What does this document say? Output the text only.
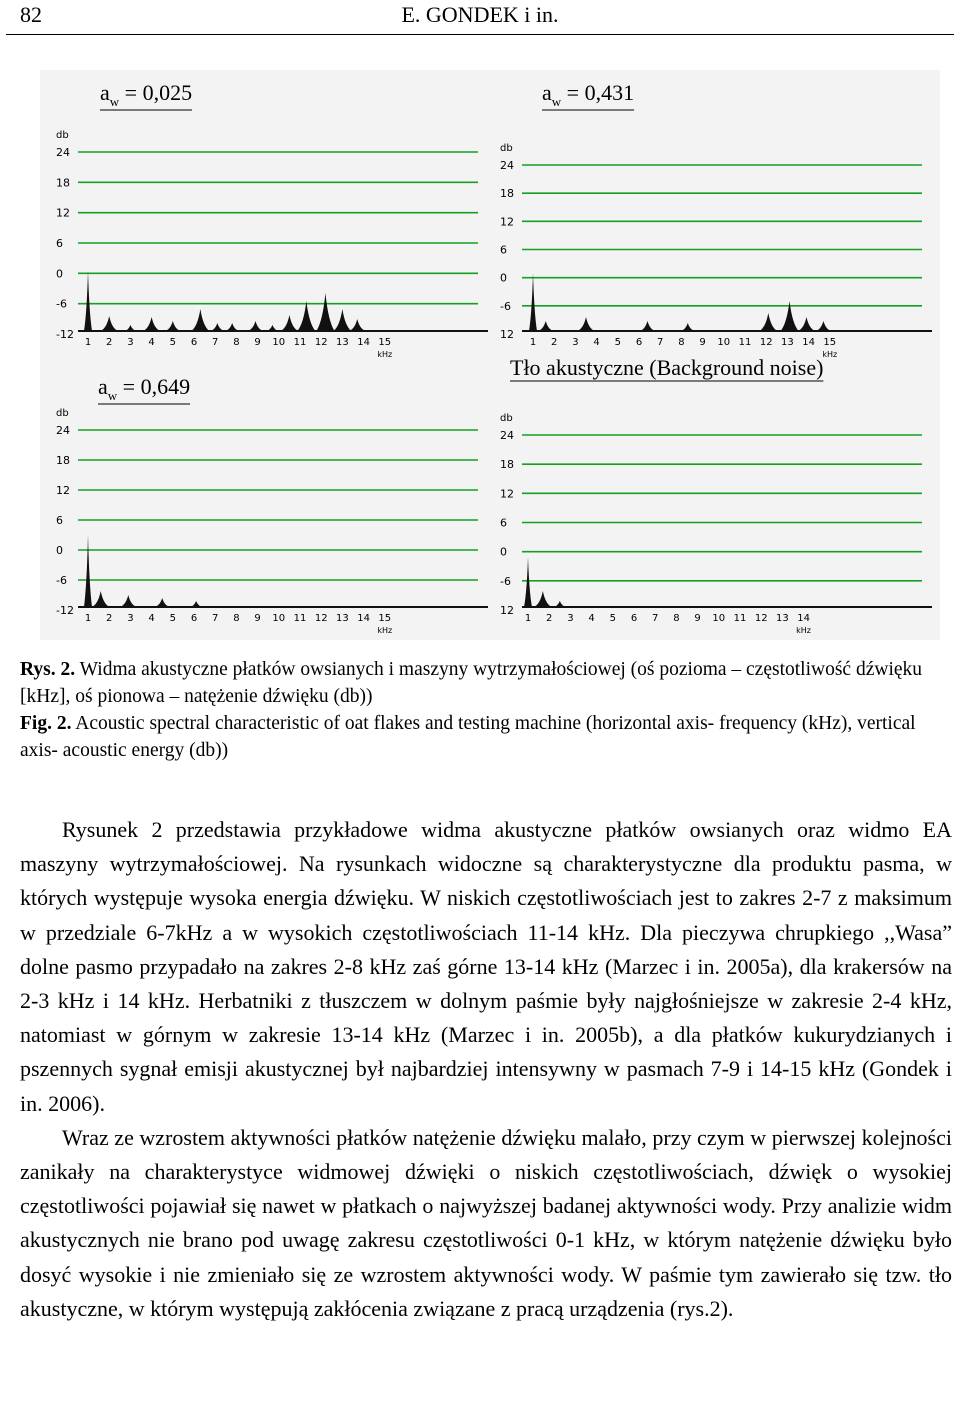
82	E. GONDEK i in.
db
24
18
12
6
0
-6
-12
1 2 3 4 5 6 7 8 9 10 11 12 13 14 15
kHz
$a_w = 0,025$
db
24
18
12
6
0
-6
12
1 2 3 4 5 6 7 8 9 10 11 12 13 14 15
kHz
$a_w = 0,431$
db
24
18
12
6
0
-6
-12
1 2 3 4 5 6 7 8 9 10 11 12 13 14 15
kHz
$a_w = 0,649$
db
24
18
12
6
0
-6
12
1 2 3 4 5 6 7 8 9 10 11 12 13 14
kHz
Tło akustyczne (Background noise)
Rys. 2. Widma akustyczne płatków owsianych i maszyny wytrzymałościowej (oś pozioma – częstotliwość dźwięku [kHz], oś pionowa – natężenie dźwięku (db))
Fig. 2. Acoustic spectral characteristic of oat flakes and testing machine (horizontal axis- frequency (kHz), vertical axis- acoustic energy (db))

Rysunek 2 przedstawia przykładowe widma akustyczne płatków owsianych oraz widmo EA maszyny wytrzymałościowej. Na rysunkach widoczne są charakterystyczne dla produktu pasma, w których występuje wysoka energia dźwięku. W niskich częstotliwościach jest to zakres 2-7 z maksimum w przedziale 6-7kHz a w wysokich częstotliwościach 11-14 kHz. Dla pieczywa chrupkiego ,,Wasa” dolne pasmo przypadało na zakres 2-8 kHz zaś górne 13-14 kHz (Marzec i in. 2005a), dla krakersów na 2-3 kHz i 14 kHz. Herbatniki z tłuszczem w dolnym paśmie były najgłośniejsze w zakresie 2-4 kHz, natomiast w górnym w zakresie 13-14 kHz (Marzec i in. 2005b), a dla płatków kukurydzianych i pszennych sygnał emisji akustycznej był najbardziej intensywny w pasmach 7-9 i 14-15 kHz (Gondek i in. 2006).

Wraz ze wzrostem aktywności płatków natężenie dźwięku malało, przy czym w pierwszej kolejności zanikały na charakterystyce widmowej dźwięki o niskich częstotliwościach, dźwięk o wysokiej częstotliwości pojawiał się nawet w płatkach o najwyższej badanej aktywności wody. Przy analizie widm akustycznych nie brano pod uwagę zakresu częstotliwości 0-1 kHz, w którym natężenie dźwięku było dosyć wysokie i nie zmieniało się ze wzrostem aktywności wody. W paśmie tym zawierało się tzw. tło akustyczne, w którym występują zakłócenia związane z pracą urządzenia (rys.2).
